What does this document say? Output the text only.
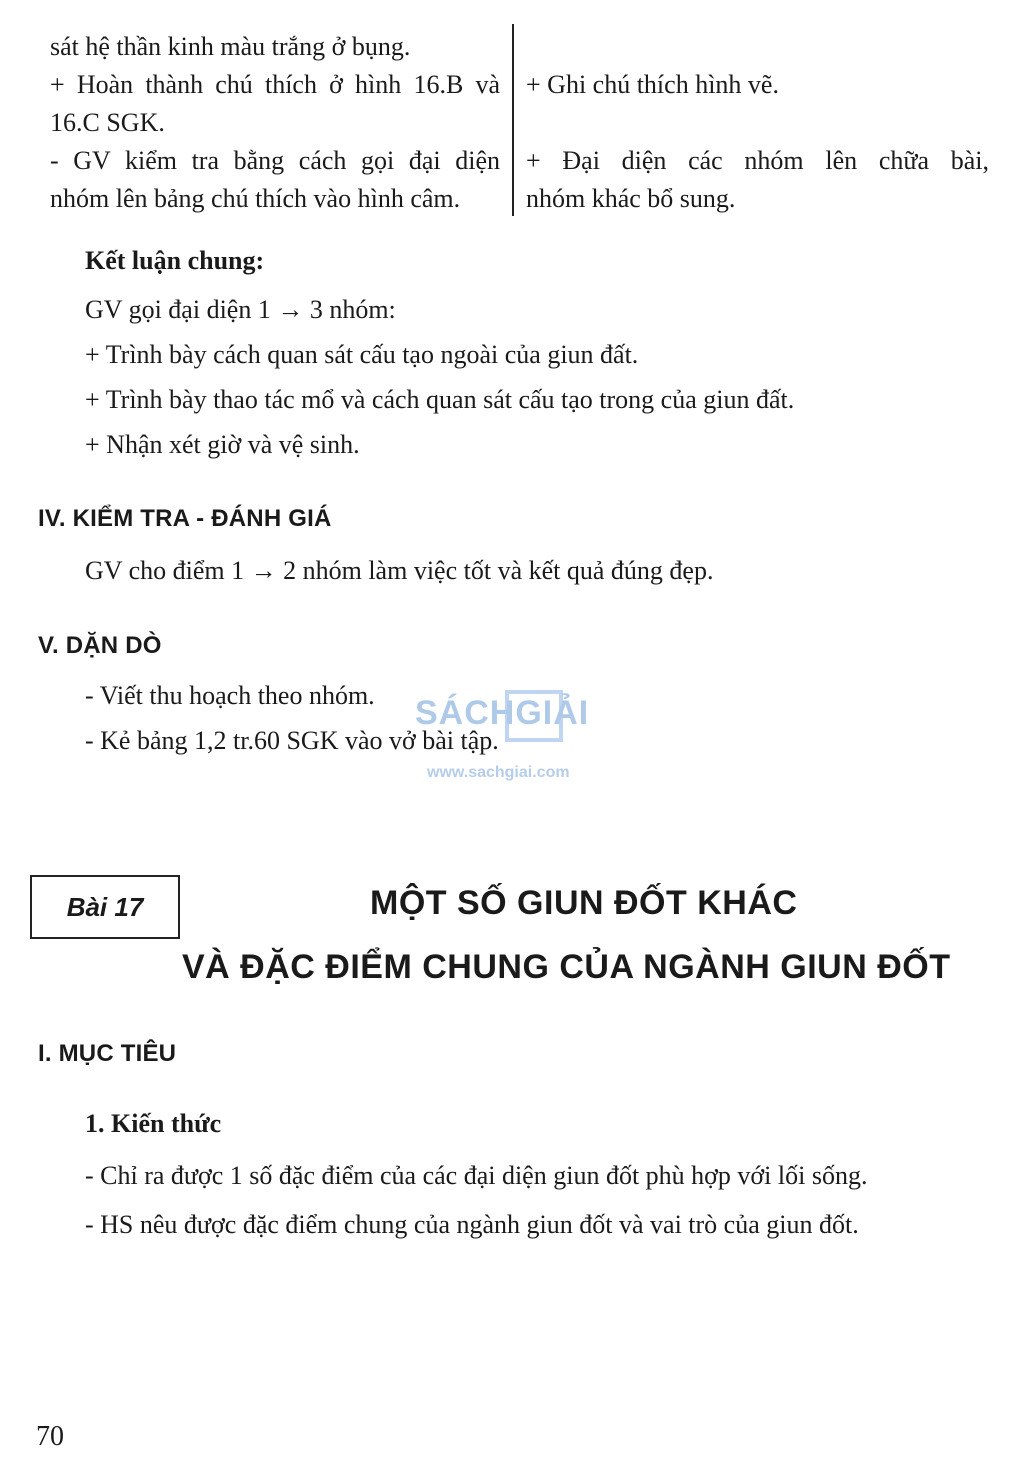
sát hệ thần kinh màu trắng ở bụng.
+ Hoàn thành chú thích ở hình 16.B và
16.C SGK.
- GV kiểm tra bằng cách gọi đại diện
nhóm lên bảng chú thích vào hình câm.
+ Ghi chú thích hình vẽ.
+ Đại diện các nhóm lên chữa bài,
nhóm khác bổ sung.
Kết luận chung:
GV gọi đại diện 1 → 3 nhóm:
+ Trình bày cách quan sát cấu tạo ngoài của giun đất.
+ Trình bày thao tác mổ và cách quan sát cấu tạo trong của giun đất.
+ Nhận xét giờ và vệ sinh.
IV. KIỂM TRA - ĐÁNH GIÁ
GV cho điểm 1 → 2 nhóm làm việc tốt và kết quả đúng đẹp.
V. DẶN DÒ
- Viết thu hoạch theo nhóm.
- Kẻ bảng 1,2 tr.60 SGK vào vở bài tập.
SÁCHGIẢI
www.sachgiai.com
Bài 17	MỘT SỐ GIUN ĐỐT KHÁC
VÀ ĐẶC ĐIỂM CHUNG CỦA NGÀNH GIUN ĐỐT
I. MỤC TIÊU
1. Kiến thức
- Chỉ ra được 1 số đặc điểm của các đại diện giun đốt phù hợp với lối sống.
- HS nêu được đặc điểm chung của ngành giun đốt và vai trò của giun đốt.
70
